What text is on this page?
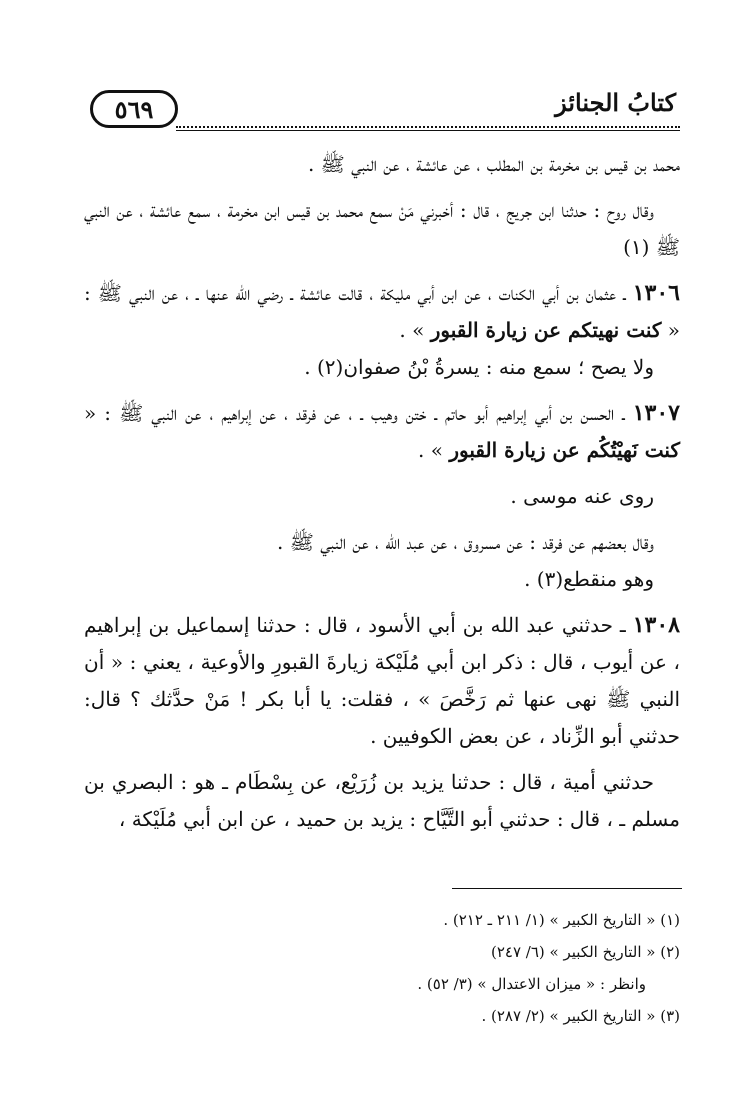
٥٦٩	كتابُ الجنائز

محمد بن قيس بن مخرمة بن المطلب ، عن عائشة ، عن النبي ﷺ .

وقال روح : حدثنا ابن جريج ، قال : أخبرني مَنْ سمع محمد بن قيس ابن مخرمة ، سمع عائشة ، عن النبي ﷺ (١)

١٣٠٦ ـ عثمان بن أبي الكنات ، عن ابن أبي مليكة ، قالت عائشة ـ رضي الله عنها ـ ، عن النبي ﷺ : « كنت نهيتكم عن زيارة القبور » .

ولا يصح ؛ سمع منه : يسرةُ بْنُ صفوان(٢) .

١٣٠٧ ـ الحسن بن أبي إبراهيم أبو حاتم ـ ختن وهيب ـ ، عن فرقد ، عن إبراهيم ، عن النبي ﷺ : « كنت نَهيْتُكُم عن زيارة القبور » .

روى عنه موسى .

وقال بعضهم عن فرقد : عن مسروق ، عن عبد الله ، عن النبي ﷺ .

وهو منقطع(٣) .

١٣٠٨ ـ حدثني عبد الله بن أبي الأسود ، قال : حدثنا إسماعيل بن إبراهيم ، عن أيوب ، قال : ذكر ابن أبي مُلَيْكة زيارةَ القبورِ والأوعية ، يعني : « أن النبي ﷺ نهى عنها ثم رَخَّصَ » ، فقلت: يا أبا بكر ! مَنْ حدَّثك ؟ قال: حدثني أبو الزِّناد ، عن بعض الكوفيين .

حدثني أمية ، قال : حدثنا يزيد بن زُرَيْع، عن بِسْطَام ـ هو : البصري بن مسلم ـ ، قال : حدثني أبو التَّيَّاح : يزيد بن حميد ، عن ابن أبي مُلَيْكة ،

(١) « التاريخ الكبير » (١/ ٢١١ ـ ٢١٢) .
(٢) « التاريخ الكبير » (٦/ ٢٤٧)
وانظر : « ميزان الاعتدال » (٣/ ٥٢) .
(٣) « التاريخ الكبير » (٢/ ٢٨٧) .
